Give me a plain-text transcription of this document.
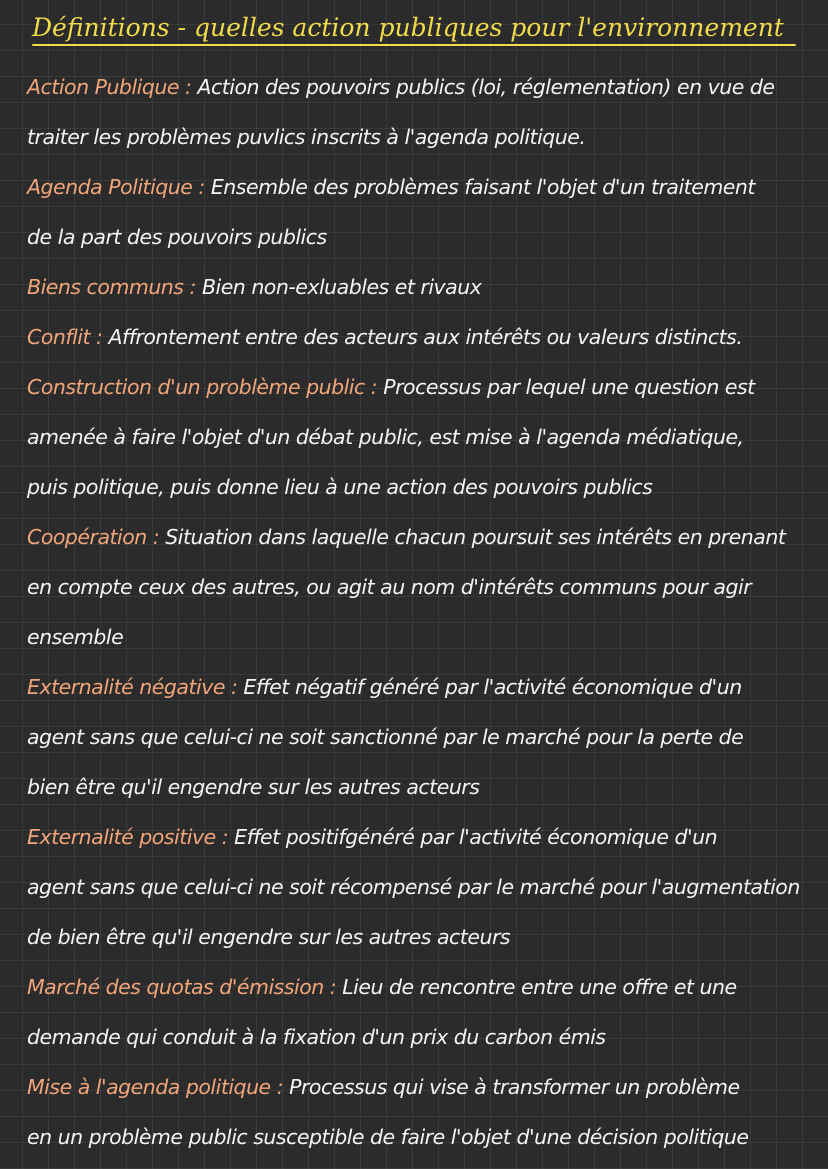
Définitions - quelles action publiques pour l'environnement
Action Publique : Action des pouvoirs publics (loi, réglementation) en vue de
traiter les problèmes puvlics inscrits à l'agenda politique.
Agenda Politique : Ensemble des problèmes faisant l'objet d'un traitement
de la part des pouvoirs publics
Biens communs : Bien non-exluables et rivaux
Conflit : Affrontement entre des acteurs aux intérêts ou valeurs distincts.
Construction d'un problème public : Processus par lequel une question est
amenée à faire l'objet d'un débat public, est mise à l'agenda médiatique,
puis politique, puis donne lieu à une action des pouvoirs publics
Coopération : Situation dans laquelle chacun poursuit ses intérêts en prenant
en compte ceux des autres, ou agit au nom d'intérêts communs pour agir
ensemble
Externalité négative : Effet négatif généré par l'activité économique d'un
agent sans que celui-ci ne soit sanctionné par le marché pour la perte de
bien être qu'il engendre sur les autres acteurs
Externalité positive : Effet positifgénéré par l'activité économique d'un
agent sans que celui-ci ne soit récompensé par le marché pour l'augmentation
de bien être qu'il engendre sur les autres acteurs
Marché des quotas d'émission : Lieu de rencontre entre une offre et une
demande qui conduit à la fixation d'un prix du carbon émis
Mise à l'agenda politique : Processus qui vise à transformer un problème
en un problème public susceptible de faire l'objet d'une décision politique
